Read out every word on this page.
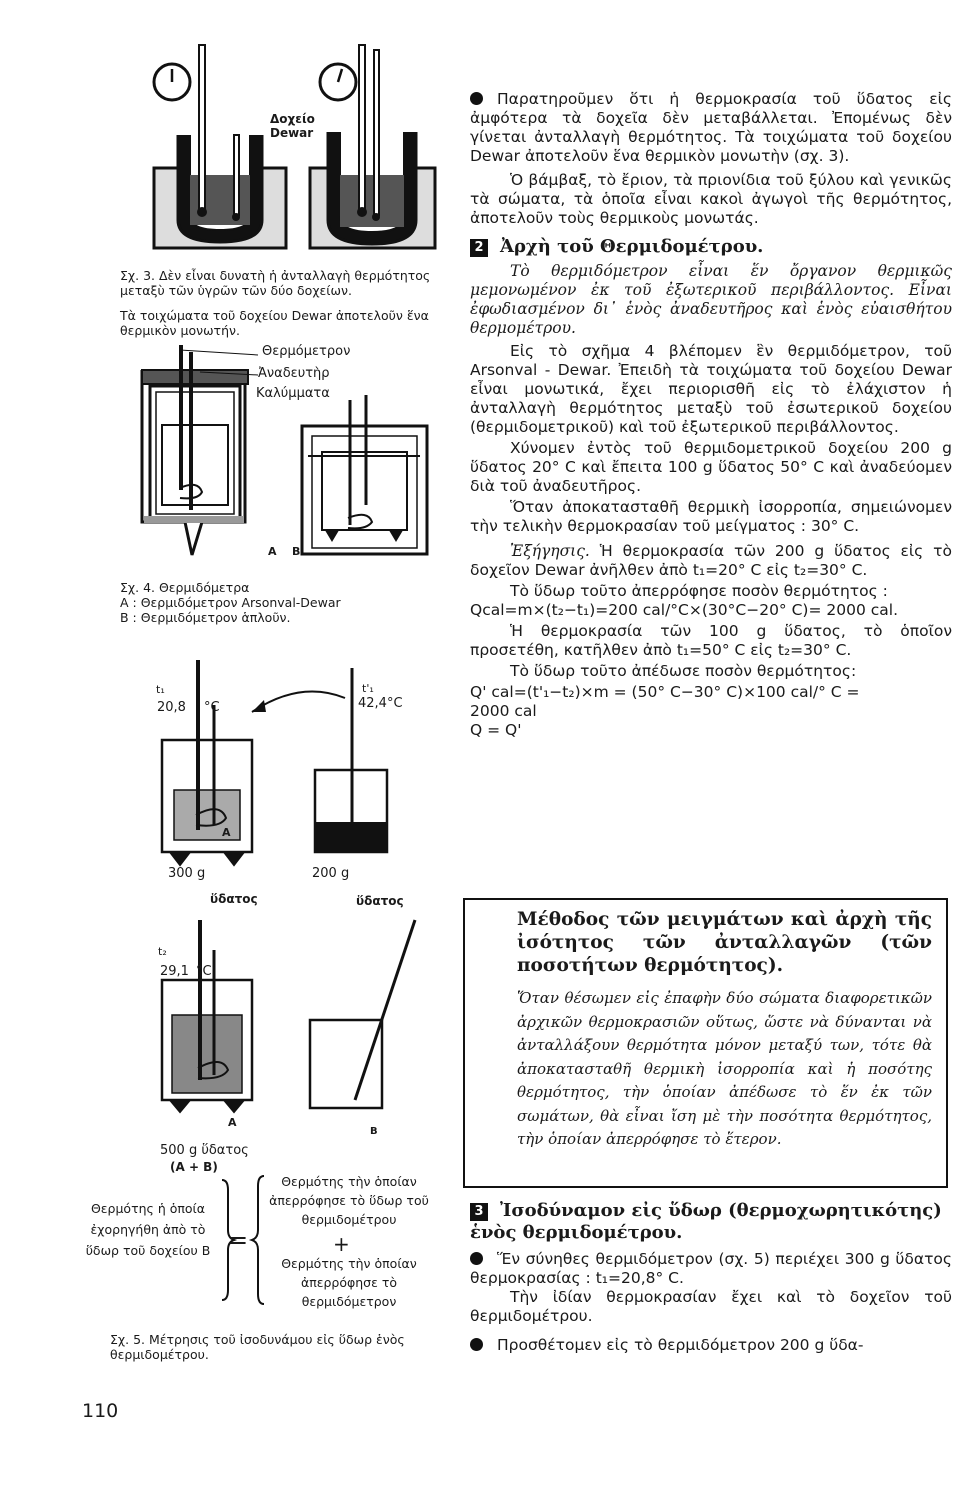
Δοχείο
Dewar
Σχ. 3. Δὲν εἶναι δυνατὴ ἡ ἀνταλλαγὴ θερμότητος μεταξὺ τῶν ὑγρῶν τῶν δύο δοχείων.
Τὰ τοιχώματα τοῦ δοχείου Dewar ἀποτελοῦν ἕνα θερμικὸν μονωτήν.
Θερμόμετρον
Ἀναδευτὴρ
Καλύμματα
A B
Σχ. 4. Θερμιδόμετρα
A : Θερμιδόμετρον Arsonval-Dewar
B : Θερμιδόμετρον ἁπλοῦν.
t₁
20,8 °C
t'₁
42,4°C
A
300 g
ὕδατος
200 g
ὕδατος
t₂
29,1 °C
A
B
500 g ὕδατος
(A + B)
Θερμότης ἡ ὁποία ἐχορηγήθη ἀπὸ τὸ ὕδωρ τοῦ δοχείου B =
Θερμότης τὴν ὁποίαν ἀπερρόφησε τὸ ὕδωρ τοῦ θερμιδομέτρου
+
Θερμότης τὴν ὁποίαν ἀπερρόφησε τὸ θερμιδόμετρον
Σχ. 5. Μέτρησις τοῦ ἰσοδυνάμου εἰς ὕδωρ ἑνὸς θερμιδομέτρου.
110

Παρατηροῦμεν ὅτι ἡ θερμοκρασία τοῦ ὕδατος εἰς ἀμφότερα τὰ δοχεῖα δὲν μεταβάλλεται. Ἐπομένως δὲν γίνεται ἀνταλλαγὴ θερμότητος. Τὰ τοιχώματα τοῦ δοχείου Dewar ἀποτελοῦν ἕνα θερμικὸν μονωτὴν (σχ. 3).

Ὁ βάμβαξ, τὸ ἔριον, τὰ πριονίδια τοῦ ξύλου καὶ γενικῶς τὰ σώματα, τὰ ὁποῖα εἶναι κακοὶ ἀγωγοὶ τῆς θερμότητος, ἀποτελοῦν τοὺς θερμικοὺς μονωτάς.

2 Ἀρχὴ τοῦ Θερμιδομέτρου.

Τὸ θερμιδόμετρον εἶναι ἕν ὄργανον θερμικῶς μεμονωμένον ἐκ τοῦ ἐξωτερικοῦ περιβάλλοντος. Εἶναι ἐφωδιασμένον δι᾽ ἑνὸς ἀναδευτῆρος καὶ ἑνὸς εὐαισθήτου θερμομέτρου.

Εἰς τὸ σχῆμα 4 βλέπομεν ἓν θερμιδόμετρον, τοῦ Arsonval - Dewar. Ἐπειδὴ τὰ τοιχώματα τοῦ δοχείου Dewar εἶναι μονωτικά, ἔχει περιορισθῆ εἰς τὸ ἐλάχιστον ἡ ἀνταλλαγὴ θερμότητος μεταξὺ τοῦ ἐσωτερικοῦ δοχείου (θερμιδομετρικοῦ) καὶ τοῦ ἐξωτερικοῦ περιβάλλοντος.

Χύνομεν ἐντὸς τοῦ θερμιδομετρικοῦ δοχείου 200 g ὕδατος 20° C καὶ ἔπειτα 100 g ὕδατος 50° C καὶ ἀναδεύομεν διὰ τοῦ ἀναδευτῆρος.

Ὅταν ἀποκατασταθῆ θερμικὴ ἰσορροπία, σημειώνομεν τὴν τελικὴν θερμοκρασίαν τοῦ μείγματος : 30° C.

Ἐξήγησις. Ἡ θερμοκρασία τῶν 200 g ὕδατος εἰς τὸ δοχεῖον Dewar ἀνῆλθεν ἀπὸ t₁=20° C εἰς t₂=30° C.

Τὸ ὕδωρ τοῦτο ἀπερρόφησε ποσὸν θερμότητος :

Qcal=m×(t₂−t₁)=200 cal/°C×(30°C−20° C)= 2000 cal.

Ἡ θερμοκρασία τῶν 100 g ὕδατος, τὸ ὁποῖον προσετέθη, κατῆλθεν ἀπὸ t₁=50° C εἰς t₂=30° C.

Τὸ ὕδωρ τοῦτο ἀπέδωσε ποσὸν θερμότητος:

Q' cal=(t'₁−t₂)×m = (50° C−30° C)×100 cal/° C =

2000 cal

Q = Q'

Μέθοδος τῶν μειγμάτων καὶ ἀρχὴ τῆς ἰσότητος τῶν ἀνταλλαγῶν (τῶν ποσοτήτων θερμότητος).

Ὅταν θέσωμεν εἰς ἐπαφὴν δύο σώματα διαφορετικῶν ἀρχικῶν θερμοκρασιῶν οὕτως, ὥστε νὰ δύνανται νὰ ἀνταλλάξουν θερμότητα μόνον μεταξύ των, τότε θὰ ἀποκατασταθῆ θερμικὴ ἰσορροπία καὶ ἡ ποσότης θερμότητος, τὴν ὁποίαν ἀπέδωσε τὸ ἕν ἐκ τῶν σωμάτων, θὰ εἶναι ἴση μὲ τὴν ποσότητα θερμότητος, τὴν ὁποίαν ἀπερρόφησε τὸ ἕτερον.

3 Ἰσοδύναμον εἰς ὕδωρ (θερμοχωρητικότης) ἑνὸς θερμιδομέτρου.

Ἕν σύνηθες θερμιδόμετρον (σχ. 5) περιέχει 300 g ὕδατος θερμοκρασίας : t₁=20,8° C.

Τὴν ἰδίαν θερμοκρασίαν ἔχει καὶ τὸ δοχεῖον τοῦ θερμιδομέτρου.

Προσθέτομεν εἰς τὸ θερμιδόμετρον 200 g ὕδα-
